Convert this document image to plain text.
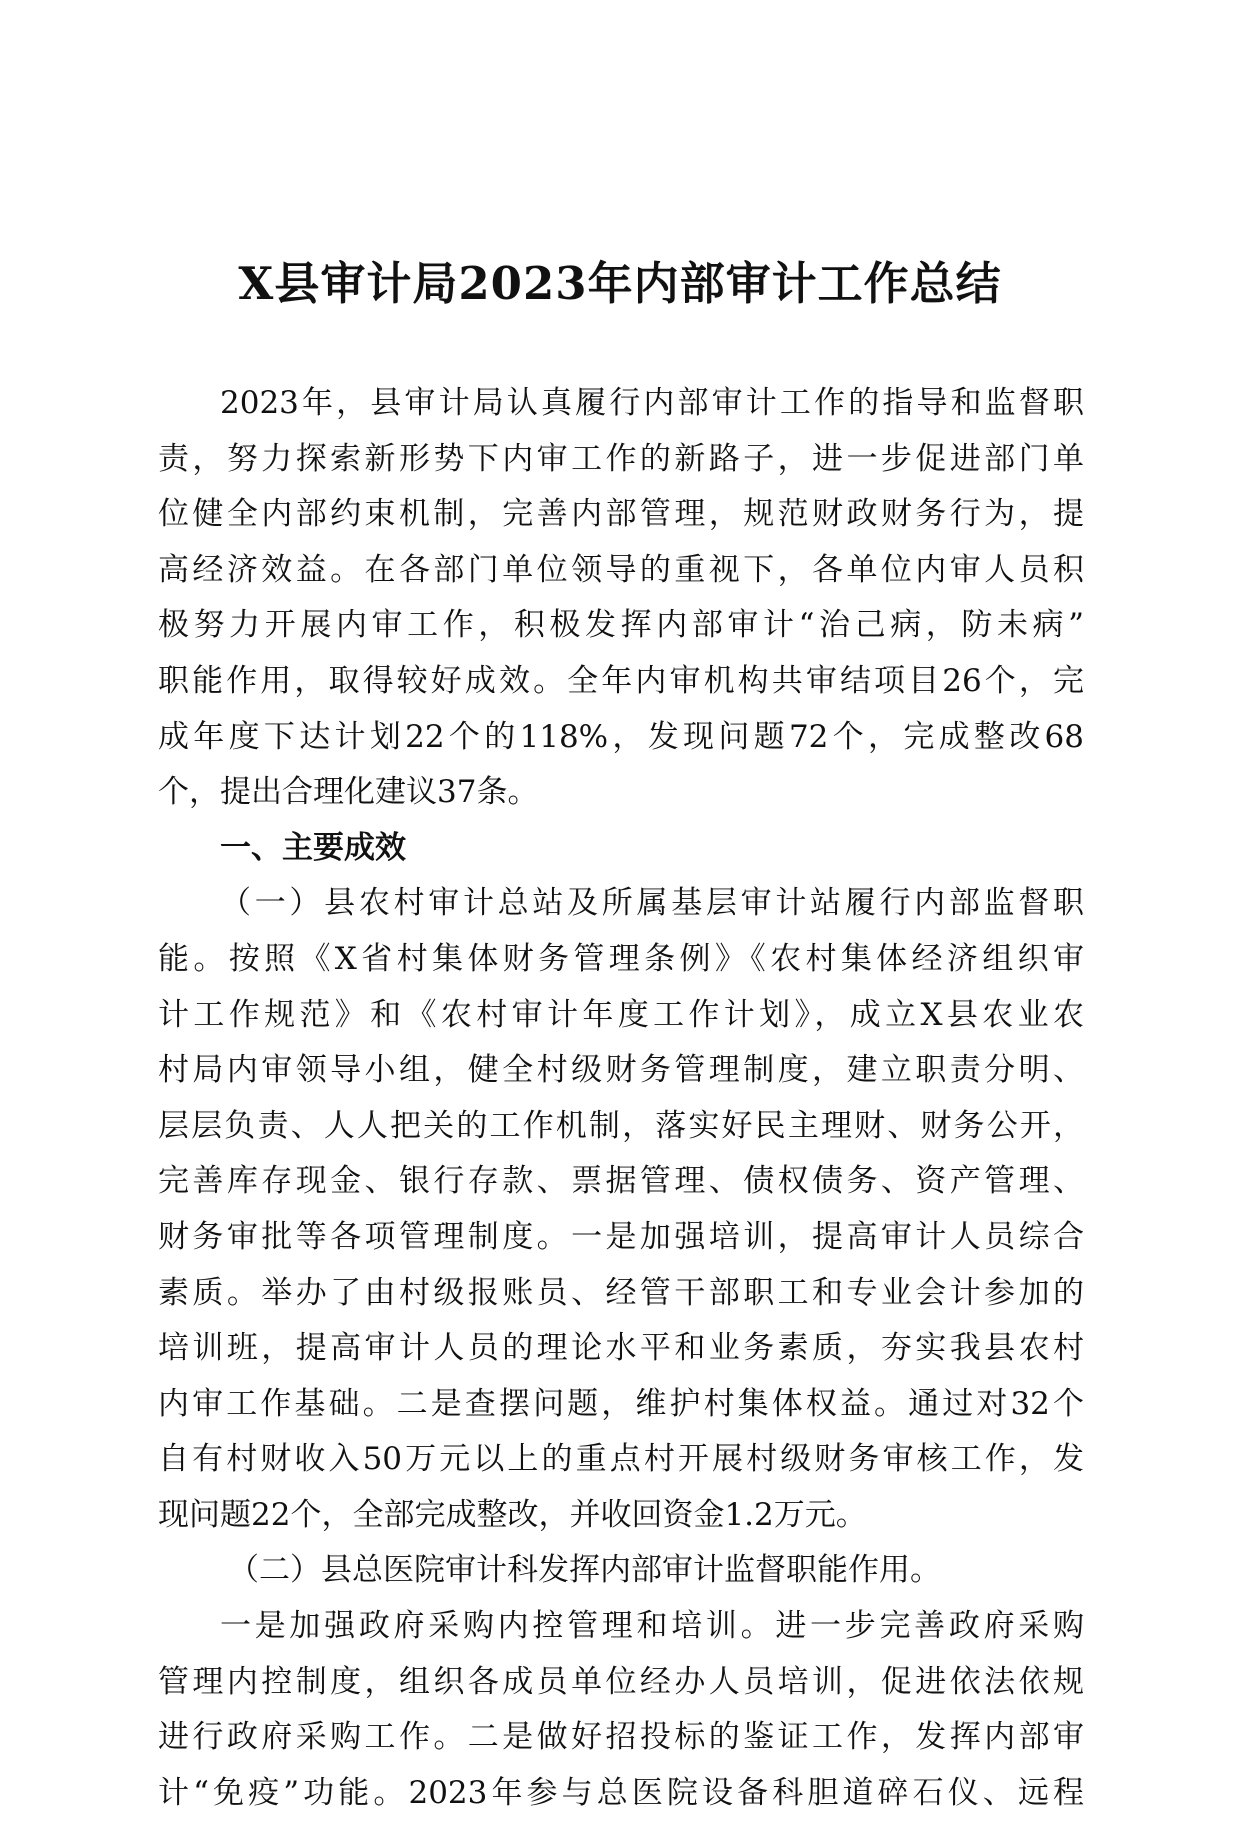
X县审计局2023年内部审计工作总结
2023年，县审计局认真履行内部审计工作的指导和监督职
责，努力探索新形势下内审工作的新路子，进一步促进部门单
位健全内部约束机制，完善内部管理，规范财政财务行为，提
高经济效益。在各部门单位领导的重视下，各单位内审人员积
极努力开展内审工作，积极发挥内部审计“治己病，防未病”
职能作用，取得较好成效。全年内审机构共审结项目26个，完
成年度下达计划22个的118%，发现问题72个，完成整改68
个，提出合理化建议37条。
一、主要成效
（一）县农村审计总站及所属基层审计站履行内部监督职
能。按照《X省村集体财务管理条例》《农村集体经济组织审
计工作规范》和《农村审计年度工作计划》，成立X县农业农
村局内审领导小组，健全村级财务管理制度，建立职责分明、
层层负责、人人把关的工作机制，落实好民主理财、财务公开，
完善库存现金、银行存款、票据管理、债权债务、资产管理、
财务审批等各项管理制度。一是加强培训，提高审计人员综合
素质。举办了由村级报账员、经管干部职工和专业会计参加的
培训班，提高审计人员的理论水平和业务素质，夯实我县农村
内审工作基础。二是查摆问题，维护村集体权益。通过对32个
自有村财收入50万元以上的重点村开展村级财务审核工作，发
现问题22个，全部完成整改，并收回资金1.2万元。
（二）县总医院审计科发挥内部审计监督职能作用。
一是加强政府采购内控管理和培训。进一步完善政府采购
管理内控制度，组织各成员单位经办人员培训，促进依法依规
进行政府采购工作。二是做好招投标的鉴证工作，发挥内部审
计“免疫”功能。2023年参与总医院设备科胆道碎石仪、远程
